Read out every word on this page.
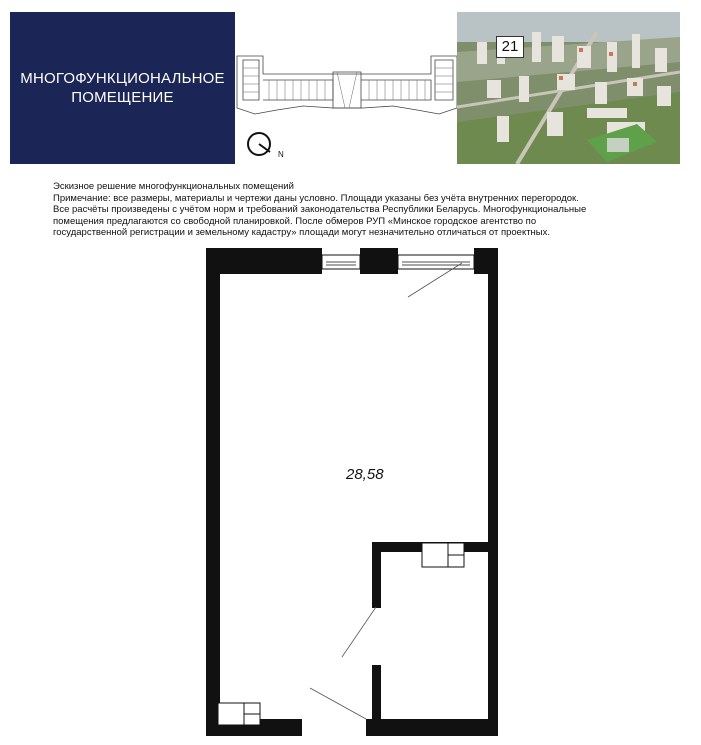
МНОГОФУНКЦИОНАЛЬНОЕ
ПОМЕЩЕНИЕ
N
21

Эскизное решение многофункциональных помещений

Примечание: все размеры, материалы и чертежи даны условно. Площади указаны без учёта внутренних перегородок.

Все расчёты произведены с учётом норм и требований законодательства Республики Беларусь. Многофункциональные

помещения предлагаются со свободной планировкой. После обмеров РУП «Минское городское агентство по

государственной регистрации и земельному кадастру» площади могут незначительно отличаться от проектных.

28,58
